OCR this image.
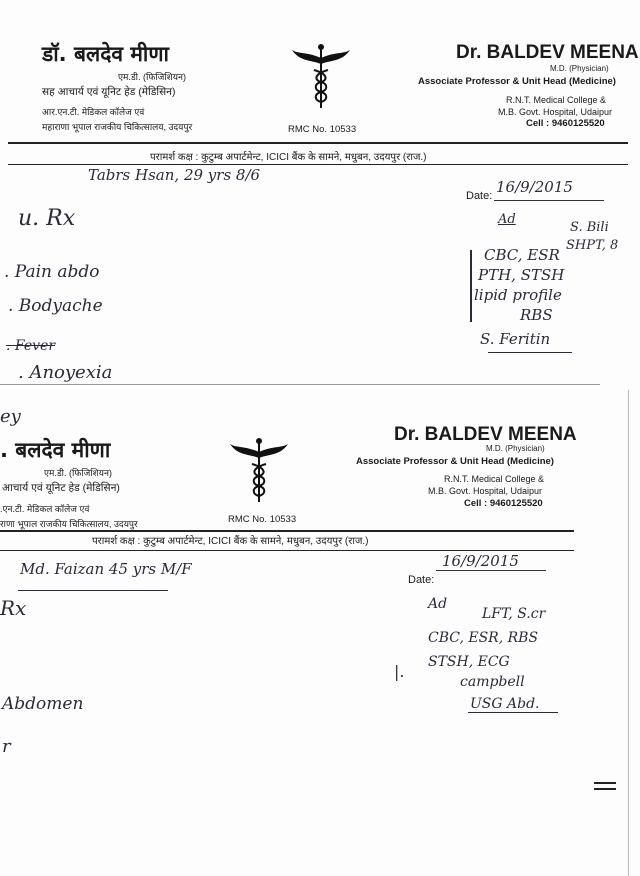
डॉ. बलदेव मीणा
एम.डी. (फिजिशियन)
सह आचार्य एवं यूनिट हेड (मेडिसिन)
आर.एन.टी. मेडिकल कॉलेज एवं
महाराणा भूपाल राजकीय चिकित्सालय, उदयपुर	RMC No. 10533
Dr. BALDEV MEENA
M.D. (Physician)
Associate Professor & Unit Head (Medicine)
R.N.T. Medical College &
M.B. Govt. Hospital, Udaipur
Cell : 9460125520
परामर्श कक्ष : कुटुम्ब अपार्टमेन्ट, ICICI बैंक के सामने, मधुबन, उदयपुर (राज.)
Date:
Tabrs Hsan, 29 yrs 8/6
16/9/2015
u. Rx
. Pain abdo
. Bodyache
. Fever
. Anoyexia
Ad
S. Bili
SHPT, 8
CBC, ESR
PTH, STSH
lipid profile
RBS
S. Feritin
ey
. बलदेव मीणा
एम.डी. (फिजिशियन)
आचार्य एवं यूनिट हेड (मेडिसिन)
.एन.टी. मेडिकल कॉलेज एवं
राणा भूपाल राजकीय चिकित्सालय, उदयपुर	RMC No. 10533
Dr. BALDEV MEENA
M.D. (Physician)
Associate Professor & Unit Head (Medicine)
R.N.T. Medical College &
M.B. Govt. Hospital, Udaipur
Cell : 9460125520
परामर्श कक्ष : कुटुम्ब अपार्टमेन्ट, ICICI बैंक के सामने, मधुबन, उदयपुर (राज.)
Date:
Md. Faizan 45 yrs M/F	16/9/2015
Rx
Abdomen
r
Ad
LFT, S.cr
CBC, ESR, RBS
STSH, ECG
campbell
USG Abd.
|.
